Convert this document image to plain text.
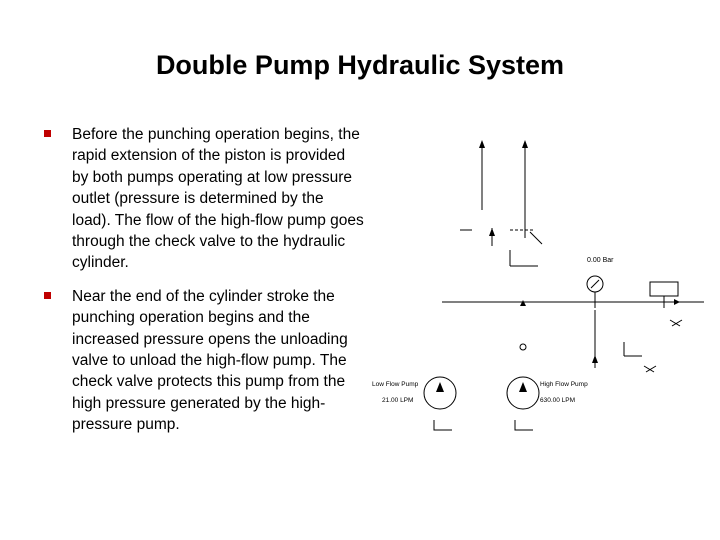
Double Pump Hydraulic System
Before the punching operation begins, the rapid extension of the piston is provided by both pumps operating at low pressure outlet (pressure is determined by the load). The flow of the high-flow pump goes through the check valve to the hydraulic cylinder.
Near the end of the cylinder stroke the punching operation begins and the increased pressure opens the unloading valve to unload the high-flow pump. The check valve protects this pump from the high pressure generated by the high-pressure pump.
0.00 Bar
Low Flow Pump
21.00 LPM
High Flow Pump
630.00 LPM
